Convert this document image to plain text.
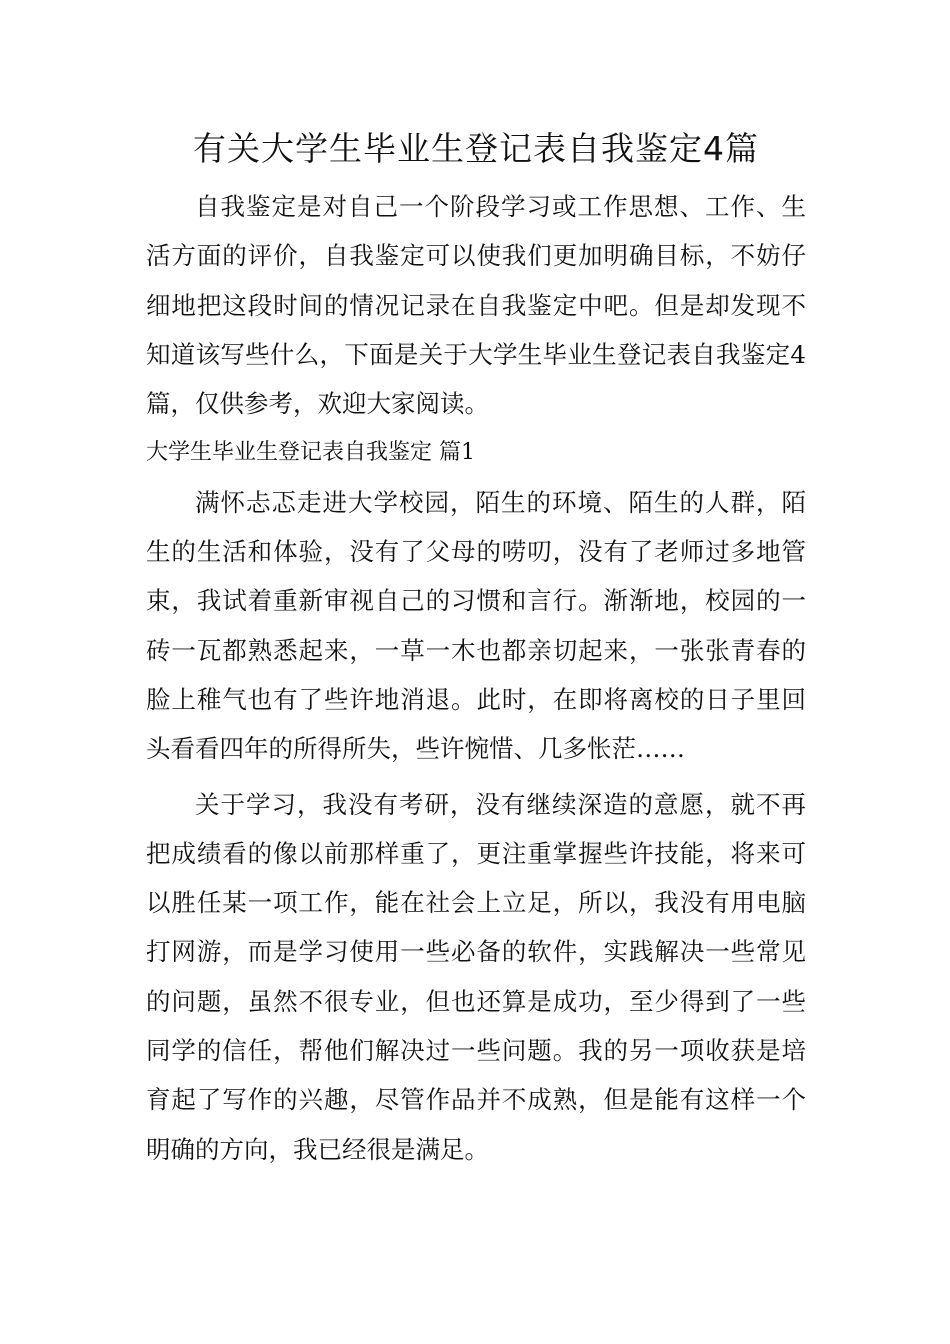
有关大学生毕业生登记表自我鉴定4篇

自我鉴定是对自己一个阶段学习或工作思想、工作、生活方面的评价，自我鉴定可以使我们更加明确目标，不妨仔细地把这段时间的情况记录在自我鉴定中吧。但是却发现不知道该写些什么，下面是关于大学生毕业生登记表自我鉴定4篇，仅供参考，欢迎大家阅读。

大学生毕业生登记表自我鉴定 篇1

满怀忐忑走进大学校园，陌生的环境、陌生的人群，陌生的生活和体验，没有了父母的唠叨，没有了老师过多地管束，我试着重新审视自己的习惯和言行。渐渐地，校园的一砖一瓦都熟悉起来，一草一木也都亲切起来，一张张青春的脸上稚气也有了些许地消退。此时，在即将离校的日子里回头看看四年的所得所失，些许惋惜、几多怅茫……

关于学习，我没有考研，没有继续深造的意愿，就不再把成绩看的像以前那样重了，更注重掌握些许技能，将来可以胜任某一项工作，能在社会上立足，所以，我没有用电脑打网游，而是学习使用一些必备的软件，实践解决一些常见的问题，虽然不很专业，但也还算是成功，至少得到了一些同学的信任，帮他们解决过一些问题。我的另一项收获是培育起了写作的兴趣，尽管作品并不成熟，但是能有这样一个明确的方向，我已经很是满足。
